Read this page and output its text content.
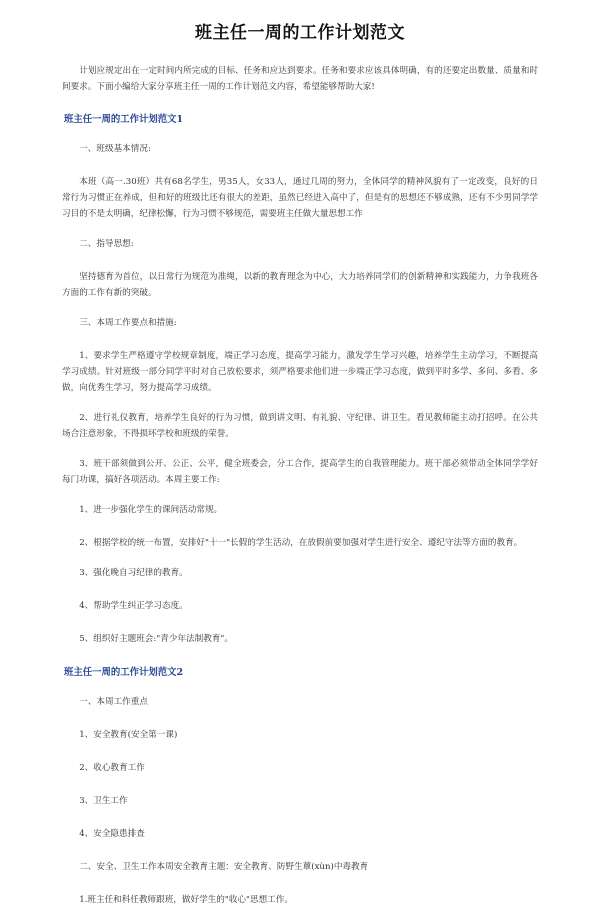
班主任一周的工作计划范文

计划应规定出在一定时间内所完成的目标、任务和应达到要求。任务和要求应该具体明确，有的还要定出数量、质量和时间要求。下面小编给大家分享班主任一周的工作计划范文内容，希望能够帮助大家!

班主任一周的工作计划范文1

一、班级基本情况:

本班（高一.30班）共有68名学生，男35人，女33人，通过几周的努力，全体同学的精神风貌有了一定改变，良好的日常行为习惯正在养成，但和好的班级比还有很大的差距，虽然已经进入高中了，但是有的思想还不够成熟，还有不少男同学学习目的不是太明确，纪律松懈，行为习惯不够规范，需要班主任做大量思想工作

二、指导思想:

坚持德育为首位，以日常行为规范为准绳，以新的教育理念为中心，大力培养同学们的创新精神和实践能力，力争我班各方面的工作有新的突破。

三、本周工作要点和措施:

1、要求学生严格遵守学校规章制度，端正学习态度，提高学习能力，激发学生学习兴趣，培养学生主动学习，不断提高学习成绩。针对班级一部分同学平时对自己放松要求，须严格要求他们进一步端正学习态度，做到平时多学、多问、多看、多做，向优秀生学习，努力提高学习成绩。

2、进行礼仪教育，培养学生良好的行为习惯，做到讲文明、有礼貌、守纪律、讲卫生。看见教师能主动打招呼。在公共场合注意形象，不得损坏学校和班级的荣誉。

3、班干部须做到公开、公正、公平，健全班委会，分工合作，提高学生的自我管理能力。班干部必须带动全体同学学好每门功课，搞好各项活动。本周主要工作:

1、进一步强化学生的课间活动常规。

2、根据学校的统一布置，安排好"十一"长假的学生活动，在放假前要加强对学生进行安全、遵纪守法等方面的教育。

3、强化晚自习纪律的教育。

4、帮助学生纠正学习态度。

5、组织好主题班会:"青少年法制教育"。

班主任一周的工作计划范文2

一、本周工作重点

1、安全教育(安全第一课)

2、收心教育工作

3、卫生工作

4、安全隐患排查

二、安全、卫生工作本周安全教育主题：安全教育、防野生蕈(xùn)中毒教育

1.班主任和科任教师跟班，做好学生的"收心"思想工作。
